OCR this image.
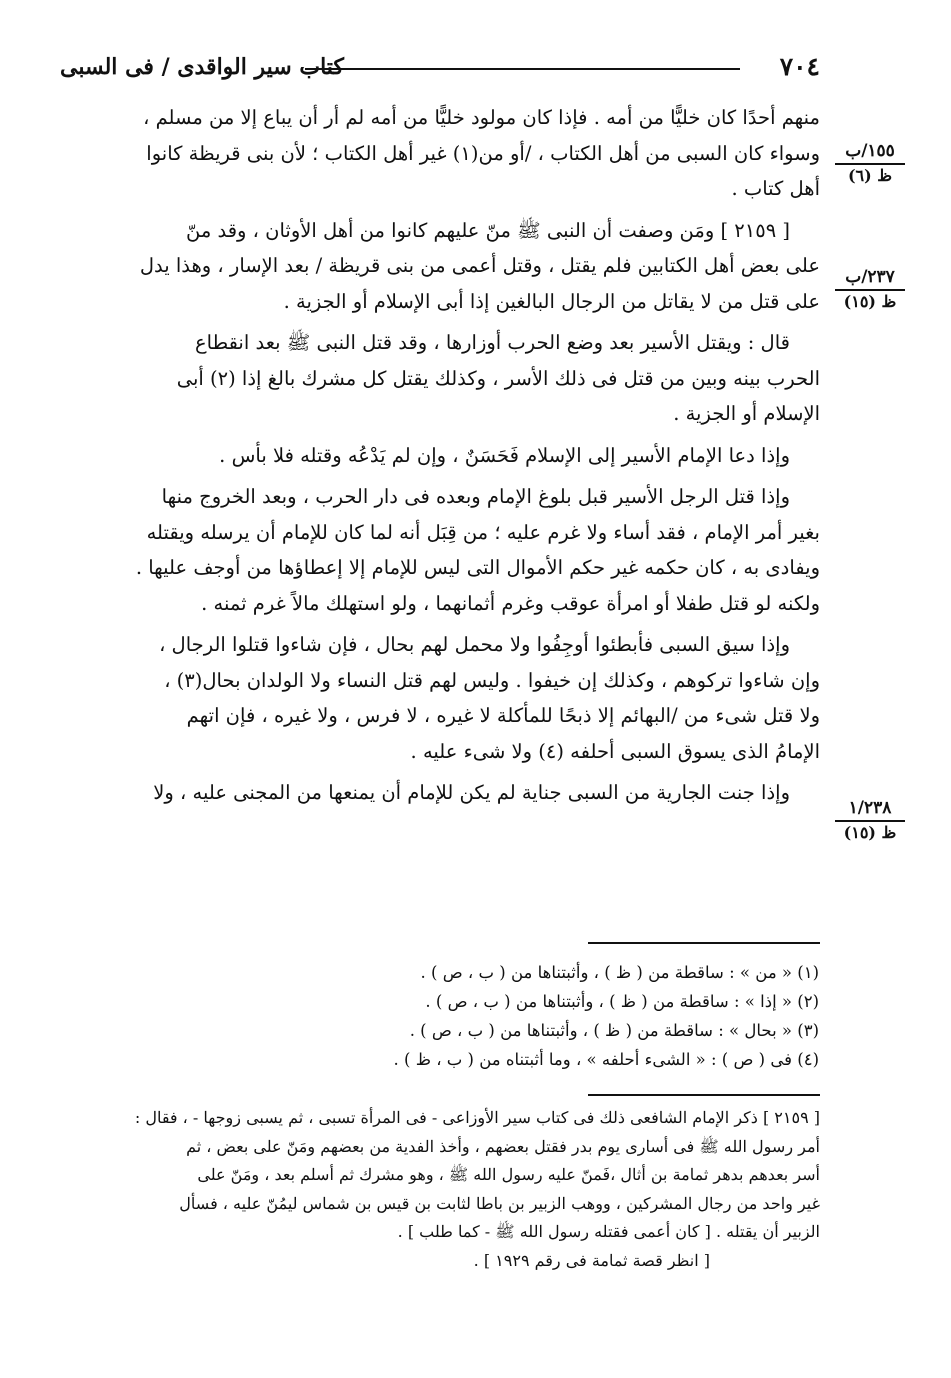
كتاب سير الواقدى / فى السبى	٧٠٤
١٥٥/ب
ظ (٦)
٢٣٧/ب
ظ (١٥)
١/٢٣٨
ظ (١٥)

منهم أحدًا كان خليًّا من أمه . فإذا كان مولود خليًّا من أمه لم أر أن يباع إلا من مسلم ،
وسواء كان السبى من أهل الكتاب ، /أو من(١) غير أهل الكتاب ؛ لأن بنى قريظة كانوا
أهل كتاب .

[ ٢١٥٩ ] ومَن وصفت أن النبى ﷺ منّ عليهم كانوا من أهل الأوثان ، وقد منّ
على بعض أهل الكتابين فلم يقتل ، وقتل أعمى من بنى قريظة / بعد الإسار ، وهذا يدل
على قتل من لا يقاتل من الرجال البالغين إذا أبى الإسلام أو الجزية .

قال : ويقتل الأسير بعد وضع الحرب أوزارها ، وقد قتل النبى ﷺ بعد انقطاع
الحرب بينه وبين من قتل فى ذلك الأسر ، وكذلك يقتل كل مشرك بالغ إذا (٢) أبى
الإسلام أو الجزية .

وإذا دعا الإمام الأسير إلى الإسلام فَحَسَنٌ ، وإن لم يَدْعُه وقتله فلا بأس .

وإذا قتل الرجل الأسير قبل بلوغ الإمام وبعده فى دار الحرب ، وبعد الخروج منها
بغير أمر الإمام ، فقد أساء ولا غرم عليه ؛ من قِبَل أنه لما كان للإمام أن يرسله ويقتله
ويفادى به ، كان حكمه غير حكم الأموال التى ليس للإمام إلا إعطاؤها من أوجف عليها .
ولكنه لو قتل طفلا أو امرأة عوقب وغرم أثمانهما ، ولو استهلك مالاً غرم ثمنه .

وإذا سيق السبى فأبطئوا أوجِفُوا ولا محمل لهم بحال ، فإن شاءوا قتلوا الرجال ،
وإن شاءوا تركوهم ، وكذلك إن خيفوا . وليس لهم قتل النساء ولا الولدان بحال(٣) ،
ولا قتل شىء من /البهائم إلا ذبحًا للمأكلة لا غيره ، لا فرس ، ولا غيره ، فإن اتهم
الإمامُ الذى يسوق السبى أحلفه (٤) ولا شىء عليه .

وإذا جنت الجارية من السبى جناية لم يكن للإمام أن يمنعها من المجنى عليه ، ولا

(١) « من » : ساقطة من ( ظ ) ، وأثبتناها من ( ب ، ص ) .
(٢) « إذا » : ساقطة من ( ظ ) ، وأثبتناها من ( ب ، ص ) .
(٣) « بحال » : ساقطة من ( ظ ) ، وأثبتناها من ( ب ، ص ) .
(٤) فى ( ص ) : « الشىء أحلفه » ، وما أثبتناه من ( ب ، ظ ) .
[ ٢١٥٩ ] ذكر الإمام الشافعى ذلك فى كتاب سير الأوزاعى - فى المرأة تسبى ، ثم يسبى زوجها - ، فقال :
أمر رسول الله ﷺ فى أسارى يوم بدر فقتل بعضهم ، وأخذ الفدية من بعضهم ومَنّ على بعض ، ثم
أسر بعدهم بدهر ثمامة بن أثال ،فَمنّ عليه رسول الله ﷺ ، وهو مشرك ثم أسلم بعد ، ومَنّ على
غير واحد من رجال المشركين ، ووهب الزبير بن باطا لثابت بن قيس بن شماس ليمُنّ عليه ، فسأل
الزبير أن يقتله . [ كان أعمى فقتله رسول الله ﷺ - كما طلب ] .
[ انظر قصة ثمامة فى رقم ١٩٢٩ ] .
